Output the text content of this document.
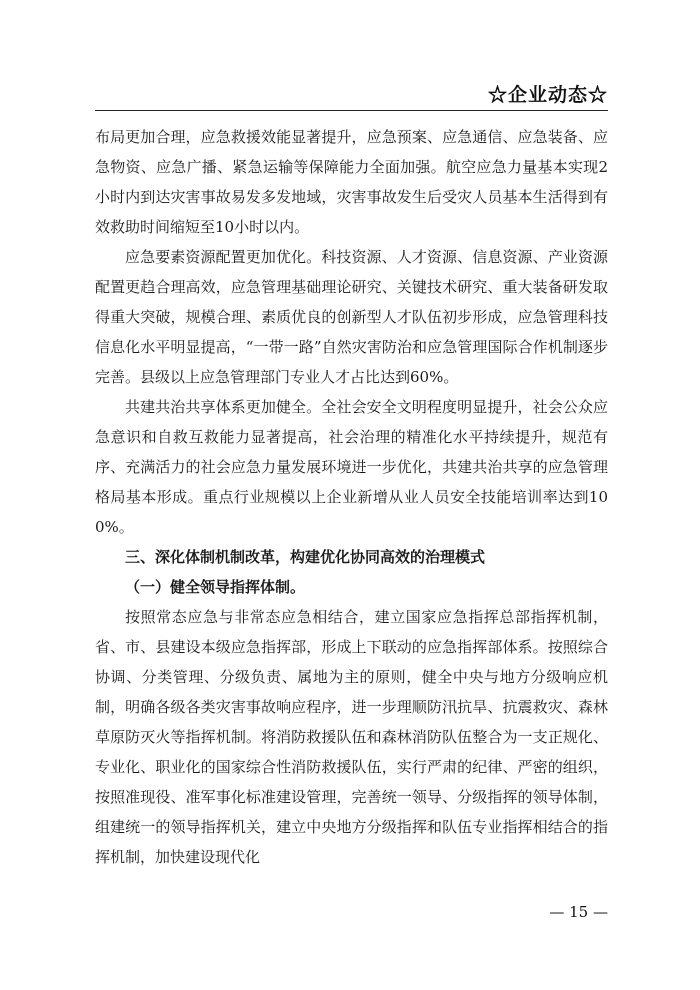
☆企业动态☆

布局更加合理，应急救援效能显著提升，应急预案、应急通信、应急装备、应急物资、应急广播、紧急运输等保障能力全面加强。航空应急力量基本实现2小时内到达灾害事故易发多发地域，灾害事故发生后受灾人员基本生活得到有效救助时间缩短至10小时以内。

应急要素资源配置更加优化。科技资源、人才资源、信息资源、产业资源配置更趋合理高效，应急管理基础理论研究、关键技术研究、重大装备研发取得重大突破，规模合理、素质优良的创新型人才队伍初步形成，应急管理科技信息化水平明显提高，“一带一路”自然灾害防治和应急管理国际合作机制逐步完善。县级以上应急管理部门专业人才占比达到60%。

共建共治共享体系更加健全。全社会安全文明程度明显提升，社会公众应急意识和自救互救能力显著提高，社会治理的精准化水平持续提升，规范有序、充满活力的社会应急力量发展环境进一步优化，共建共治共享的应急管理格局基本形成。重点行业规模以上企业新增从业人员安全技能培训率达到100%。

三、深化体制机制改革，构建优化协同高效的治理模式

（一）健全领导指挥体制。

按照常态应急与非常态应急相结合，建立国家应急指挥总部指挥机制，省、市、县建设本级应急指挥部，形成上下联动的应急指挥部体系。按照综合协调、分类管理、分级负责、属地为主的原则，健全中央与地方分级响应机制，明确各级各类灾害事故响应程序，进一步理顺防汛抗旱、抗震救灾、森林草原防灭火等指挥机制。将消防救援队伍和森林消防队伍整合为一支正规化、专业化、职业化的国家综合性消防救援队伍，实行严肃的纪律、严密的组织，按照准现役、准军事化标准建设管理，完善统一领导、分级指挥的领导体制，组建统一的领导指挥机关，建立中央地方分级指挥和队伍专业指挥相结合的指挥机制，加快建设现代化

— 15 —
